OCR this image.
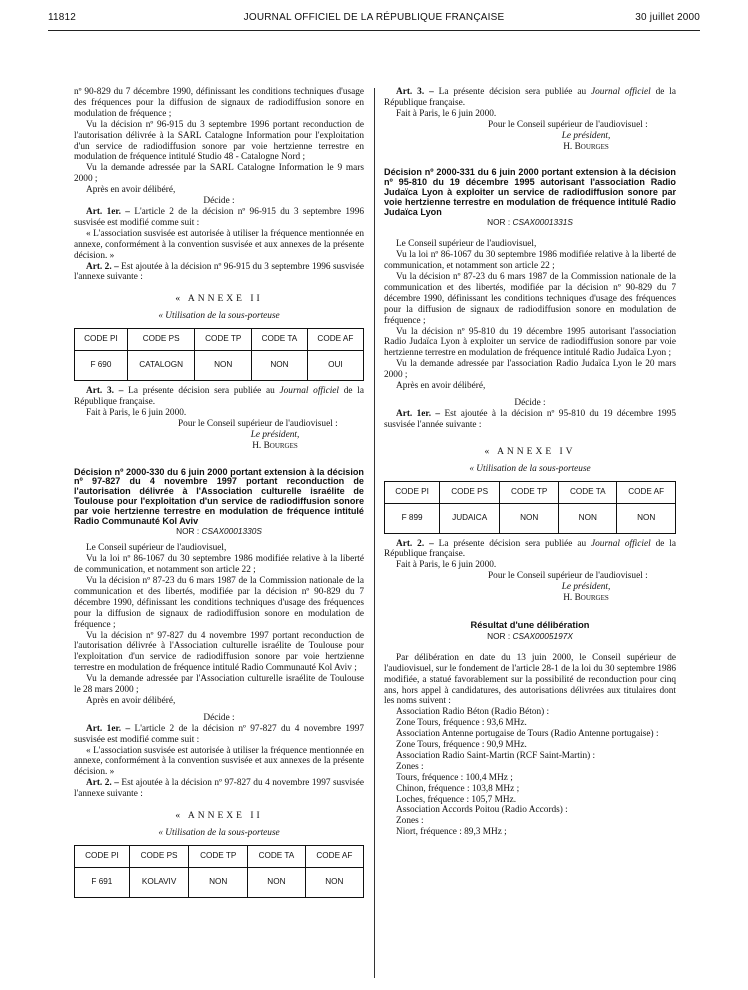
11812	JOURNAL OFFICIEL DE LA RÉPUBLIQUE FRANÇAISE	30 juillet 2000

nº 90-829 du 7 décembre 1990, définissant les conditions techniques d'usage des fréquences pour la diffusion de signaux de radiodiffusion sonore en modulation de fréquence ;

Vu la décision nº 96-915 du 3 septembre 1996 portant reconduction de l'autorisation délivrée à la SARL Catalogne Information pour l'exploitation d'un service de radiodiffusion sonore par voie hertzienne terrestre en modulation de fréquence intitulé Studio 48 - Catalogne Nord ;

Vu la demande adressée par la SARL Catalogne Information le 9 mars 2000 ;

Après en avoir délibéré,

Décide :

Art. 1er. – L'article 2 de la décision nº 96-915 du 3 septembre 1996 susvisée est modifié comme suit :

« L'association susvisée est autorisée à utiliser la fréquence mentionnée en annexe, conformément à la convention susvisée et aux annexes de la présente décision. »

Art. 2. – Est ajoutée à la décision nº 96-915 du 3 septembre 1996 susvisée l'annexe suivante :

« ANNEXE II

« Utilisation de la sous-porteuse

CODE PI	CODE PS	CODE TP	CODE TA	CODE AF
F 690	CATALOGN	NON	NON	OUI

Art. 3. – La présente décision sera publiée au Journal officiel de la République française.

Fait à Paris, le 6 juin 2000.

Pour le Conseil supérieur de l'audiovisuel :

Le président,

H. Bourges

Décision nº 2000-330 du 6 juin 2000 portant extension à la décision nº 97-827 du 4 novembre 1997 portant reconduction de l'autorisation délivrée à l'Association culturelle israélite de Toulouse pour l'exploitation d'un service de radiodiffusion sonore par voie hertzienne terrestre en modulation de fréquence intitulé Radio Communauté Kol Aviv

NOR : CSAX0001330S

Le Conseil supérieur de l'audiovisuel,

Vu la loi nº 86-1067 du 30 septembre 1986 modifiée relative à la liberté de communication, et notamment son article 22 ;

Vu la décision nº 87-23 du 6 mars 1987 de la Commission nationale de la communication et des libertés, modifiée par la décision nº 90-829 du 7 décembre 1990, définissant les conditions techniques d'usage des fréquences pour la diffusion de signaux de radiodiffusion sonore en modulation de fréquence ;

Vu la décision nº 97-827 du 4 novembre 1997 portant reconduction de l'autorisation délivrée à l'Association culturelle israélite de Toulouse pour l'exploitation d'un service de radiodiffusion sonore par voie hertzienne terrestre en modulation de fréquence intitulé Radio Communauté Kol Aviv ;

Vu la demande adressée par l'Association culturelle israélite de Toulouse le 28 mars 2000 ;

Après en avoir délibéré,

Décide :

Art. 1er. – L'article 2 de la décision nº 97-827 du 4 novembre 1997 susvisée est modifié comme suit :

« L'association susvisée est autorisée à utiliser la fréquence mentionnée en annexe, conformément à la convention susvisée et aux annexes de la présente décision. »

Art. 2. – Est ajoutée à la décision nº 97-827 du 4 novembre 1997 susvisée l'annexe suivante :

« ANNEXE II

« Utilisation de la sous-porteuse

CODE PI	CODE PS	CODE TP	CODE TA	CODE AF
F 691	KOLAVIV	NON	NON	NON

Art. 3. – La présente décision sera publiée au Journal officiel de la République française.

Fait à Paris, le 6 juin 2000.

Pour le Conseil supérieur de l'audiovisuel :

Le président,

H. Bourges

Décision nº 2000-331 du 6 juin 2000 portant extension à la décision nº 95-810 du 19 décembre 1995 autorisant l'association Radio Judaïca Lyon à exploiter un service de radiodiffusion sonore par voie hertzienne terrestre en modulation de fréquence intitulé Radio Judaïca Lyon

NOR : CSAX0001331S

Le Conseil supérieur de l'audiovisuel,

Vu la loi nº 86-1067 du 30 septembre 1986 modifiée relative à la liberté de communication, et notamment son article 22 ;

Vu la décision nº 87-23 du 6 mars 1987 de la Commission nationale de la communication et des libertés, modifiée par la décision nº 90-829 du 7 décembre 1990, définissant les conditions techniques d'usage des fréquences pour la diffusion de signaux de radiodiffusion sonore en modulation de fréquence ;

Vu la décision nº 95-810 du 19 décembre 1995 autorisant l'association Radio Judaïca Lyon à exploiter un service de radiodiffusion sonore par voie hertzienne terrestre en modulation de fréquence intitulé Radio Judaïca Lyon ;

Vu la demande adressée par l'association Radio Judaïca Lyon le 20 mars 2000 ;

Après en avoir délibéré,

Décide :

Art. 1er. – Est ajoutée à la décision nº 95-810 du 19 décembre 1995 susvisée l'année suivante :

« ANNEXE IV

« Utilisation de la sous-porteuse

CODE PI	CODE PS	CODE TP	CODE TA	CODE AF
F 899	JUDAICA	NON	NON	NON

Art. 2. – La présente décision sera publiée au Journal officiel de la République française.

Fait à Paris, le 6 juin 2000.

Pour le Conseil supérieur de l'audiovisuel :

Le président,

H. Bourges

Résultat d'une délibération

NOR : CSAX0005197X

Par délibération en date du 13 juin 2000, le Conseil supérieur de l'audiovisuel, sur le fondement de l'article 28-1 de la loi du 30 septembre 1986 modifiée, a statué favorablement sur la possibilité de reconduction pour cinq ans, hors appel à candidatures, des autorisations délivrées aux titulaires dont les noms suivent :

Association Radio Béton (Radio Béton) :

Zone Tours, fréquence : 93,6 MHz.

Association Antenne portugaise de Tours (Radio Antenne portugaise) :

Zone Tours, fréquence : 90,9 MHz.

Association Radio Saint-Martin (RCF Saint-Martin) :

Zones :

Tours, fréquence : 100,4 MHz ;

Chinon, fréquence : 103,8 MHz ;

Loches, fréquence : 105,7 MHz.

Association Accords Poitou (Radio Accords) :

Zones :

Niort, fréquence : 89,3 MHz ;
